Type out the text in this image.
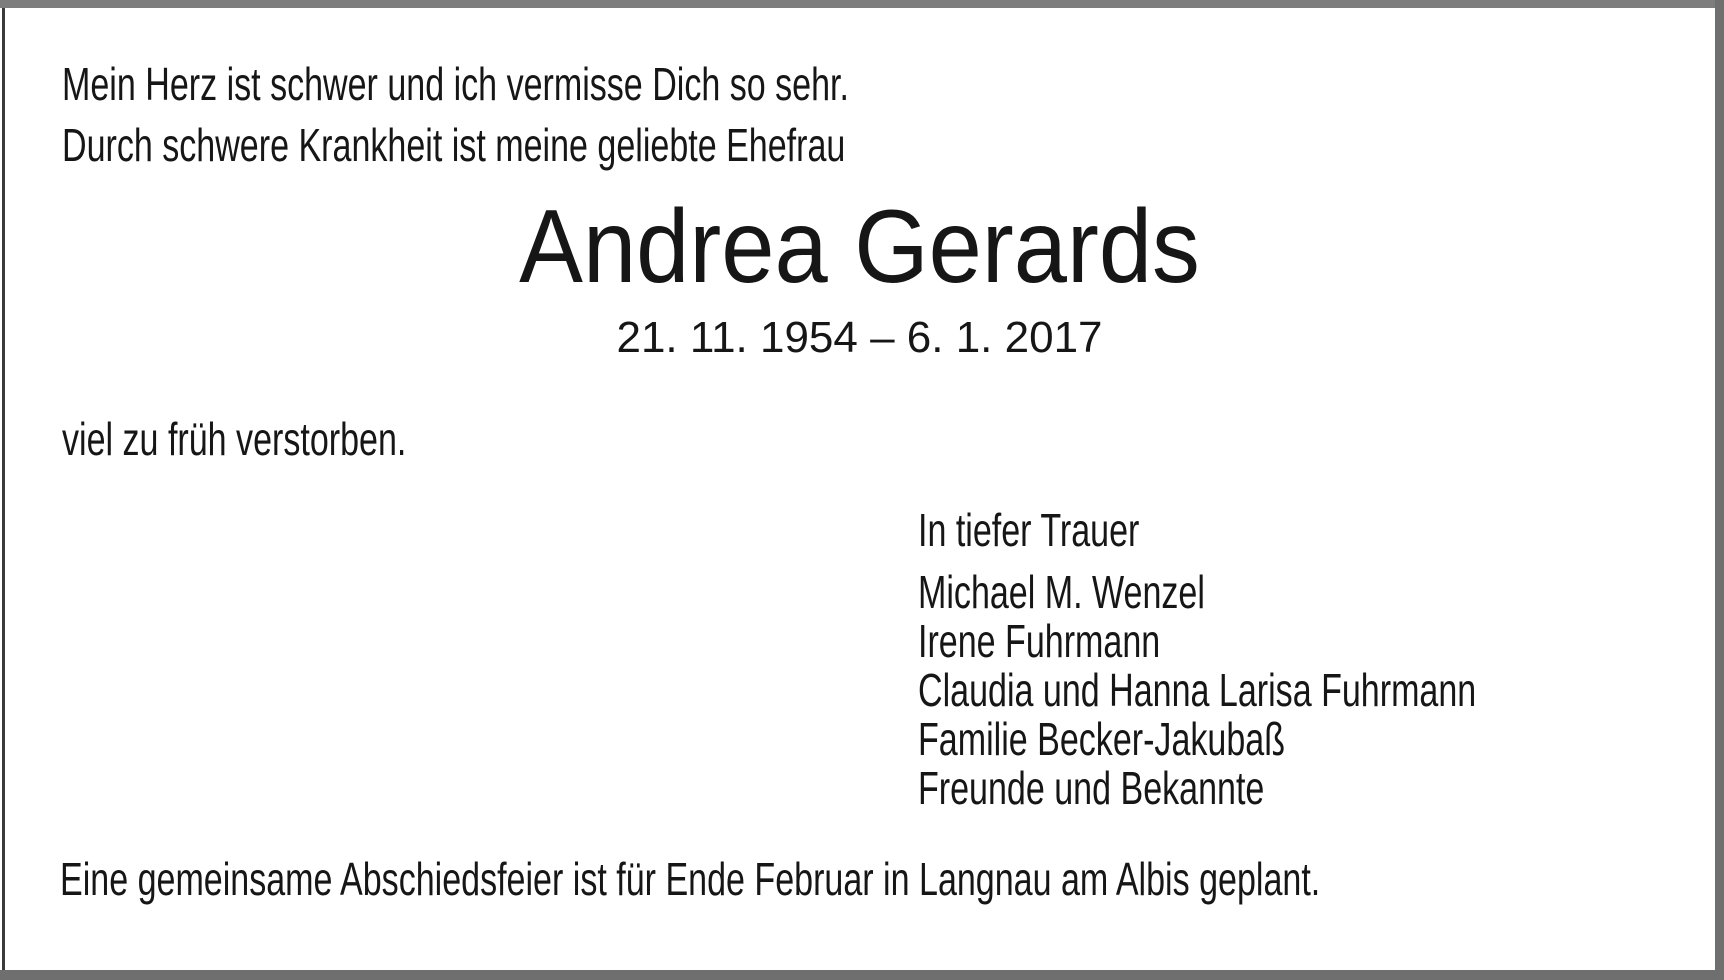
Mein Herz ist schwer und ich vermisse Dich so sehr.
Durch schwere Krankheit ist meine geliebte Ehefrau
Andrea Gerards
21. 11. 1954 – 6. 1. 2017
viel zu früh verstorben.
In tiefer Trauer
Michael M. Wenzel
Irene Fuhrmann
Claudia und Hanna Larisa Fuhrmann
Familie Becker-Jakubaß
Freunde und Bekannte
Eine gemeinsame Abschiedsfeier ist für Ende Februar in Langnau am Albis geplant.
